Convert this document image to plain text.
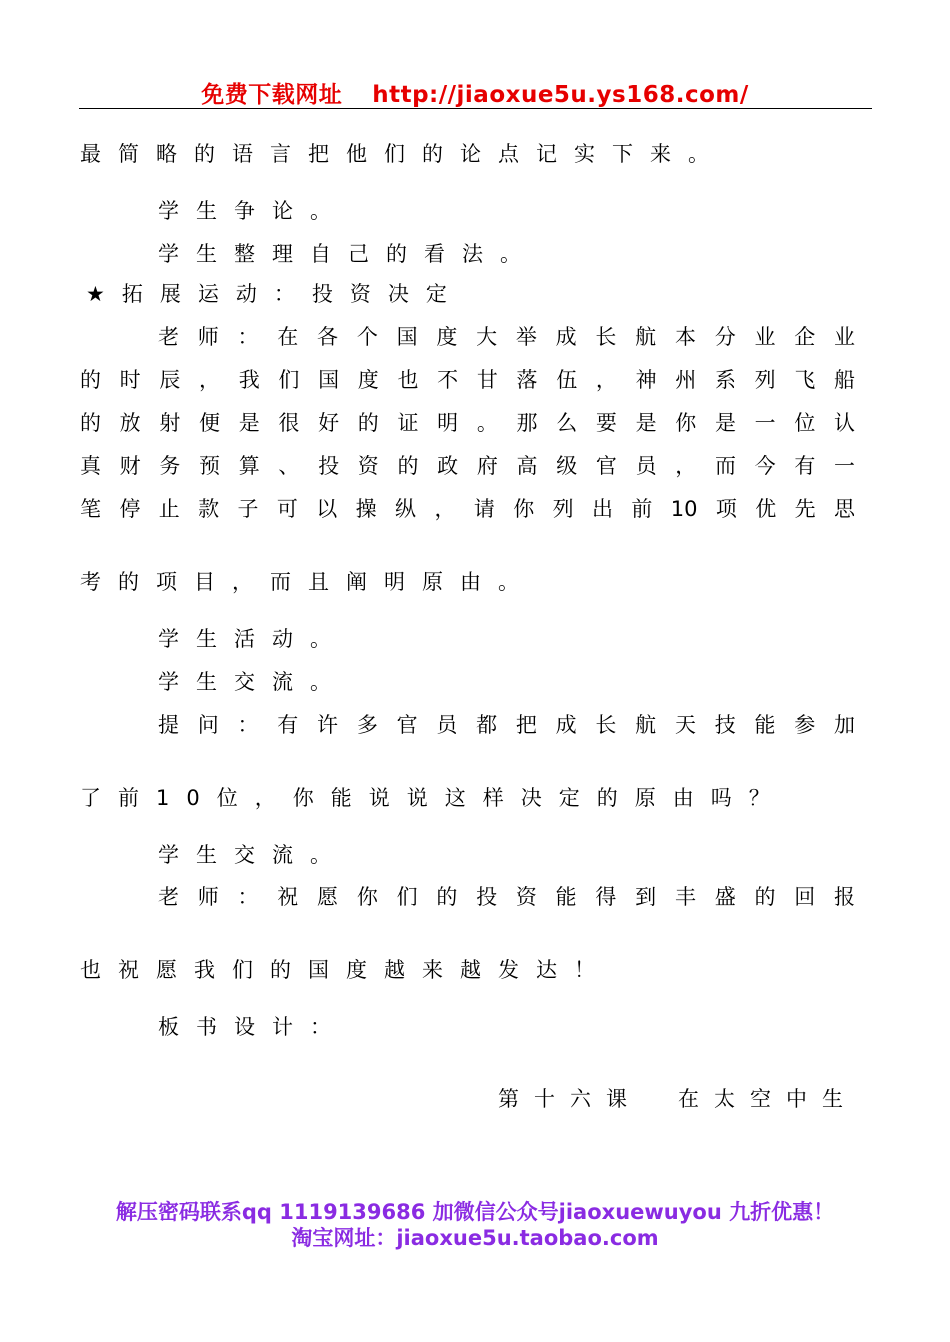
免费下载网址 http://jiaoxue5u.ys168.com/
最简略的语言把他们的论点记实下来。
学生争论。
学生整理自己的看法。
★拓展运动：投资决定
老师：在各个国度大举成长航本分业企业
的时辰，我们国度也不甘落伍，神州系列飞船
的放射便是很好的证明。那么要是你是一位认
真财务预算、投资的政府高级官员，而今有一
笔停止款子可以操纵，请你列出前10项优先思
考的项目，而且阐明原由。
学生活动。
学生交流。
提问：有许多官员都把成长航天技能参加
了前10位，你能说说这样决定的原由吗？
学生交流。
老师：祝愿你们的投资能得到丰盛的回报
也祝愿我们的国度越来越发达！
板书设计：
第十六课　在太空中生
解压密码联系qq 1119139686 加微信公众号jiaoxuewuyou 九折优惠！
淘宝网址：jiaoxue5u.taobao.com
